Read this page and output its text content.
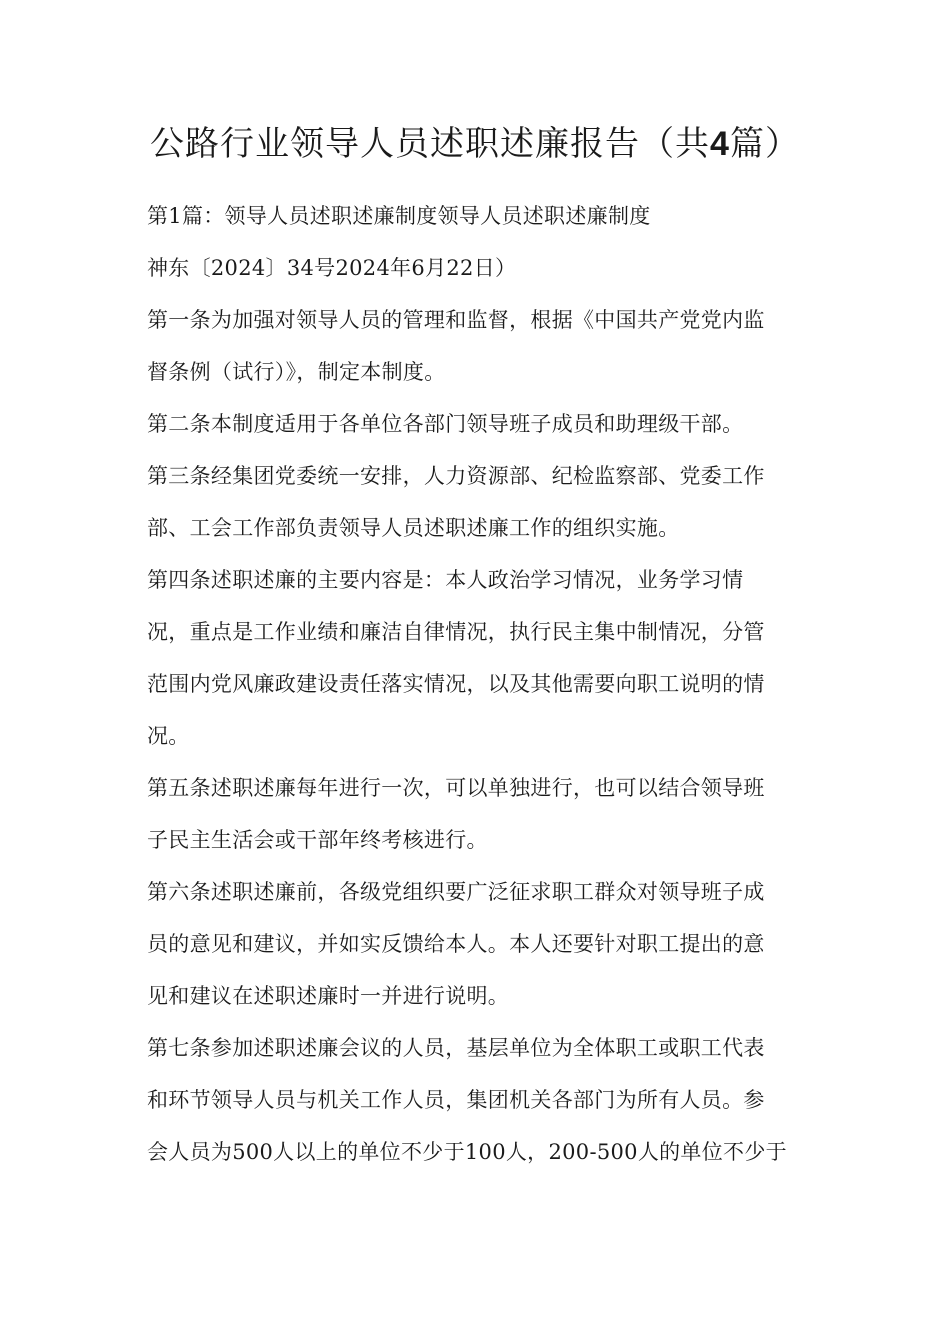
公路行业领导人员述职述廉报告（共4篇）
第1篇：领导人员述职述廉制度领导人员述职述廉制度
神东〔2024〕34号2024年6月22日）
第一条为加强对领导人员的管理和监督，根据《中国共产党党内监
督条例（试行）》，制定本制度。
第二条本制度适用于各单位各部门领导班子成员和助理级干部。
第三条经集团党委统一安排，人力资源部、纪检监察部、党委工作
部、工会工作部负责领导人员述职述廉工作的组织实施。
第四条述职述廉的主要内容是：本人政治学习情况，业务学习情
况，重点是工作业绩和廉洁自律情况，执行民主集中制情况，分管
范围内党风廉政建设责任落实情况，以及其他需要向职工说明的情
况。
第五条述职述廉每年进行一次，可以单独进行，也可以结合领导班
子民主生活会或干部年终考核进行。
第六条述职述廉前，各级党组织要广泛征求职工群众对领导班子成
员的意见和建议，并如实反馈给本人。本人还要针对职工提出的意
见和建议在述职述廉时一并进行说明。
第七条参加述职述廉会议的人员，基层单位为全体职工或职工代表
和环节领导人员与机关工作人员，集团机关各部门为所有人员。参
会人员为500人以上的单位不少于100人，200-500人的单位不少于
